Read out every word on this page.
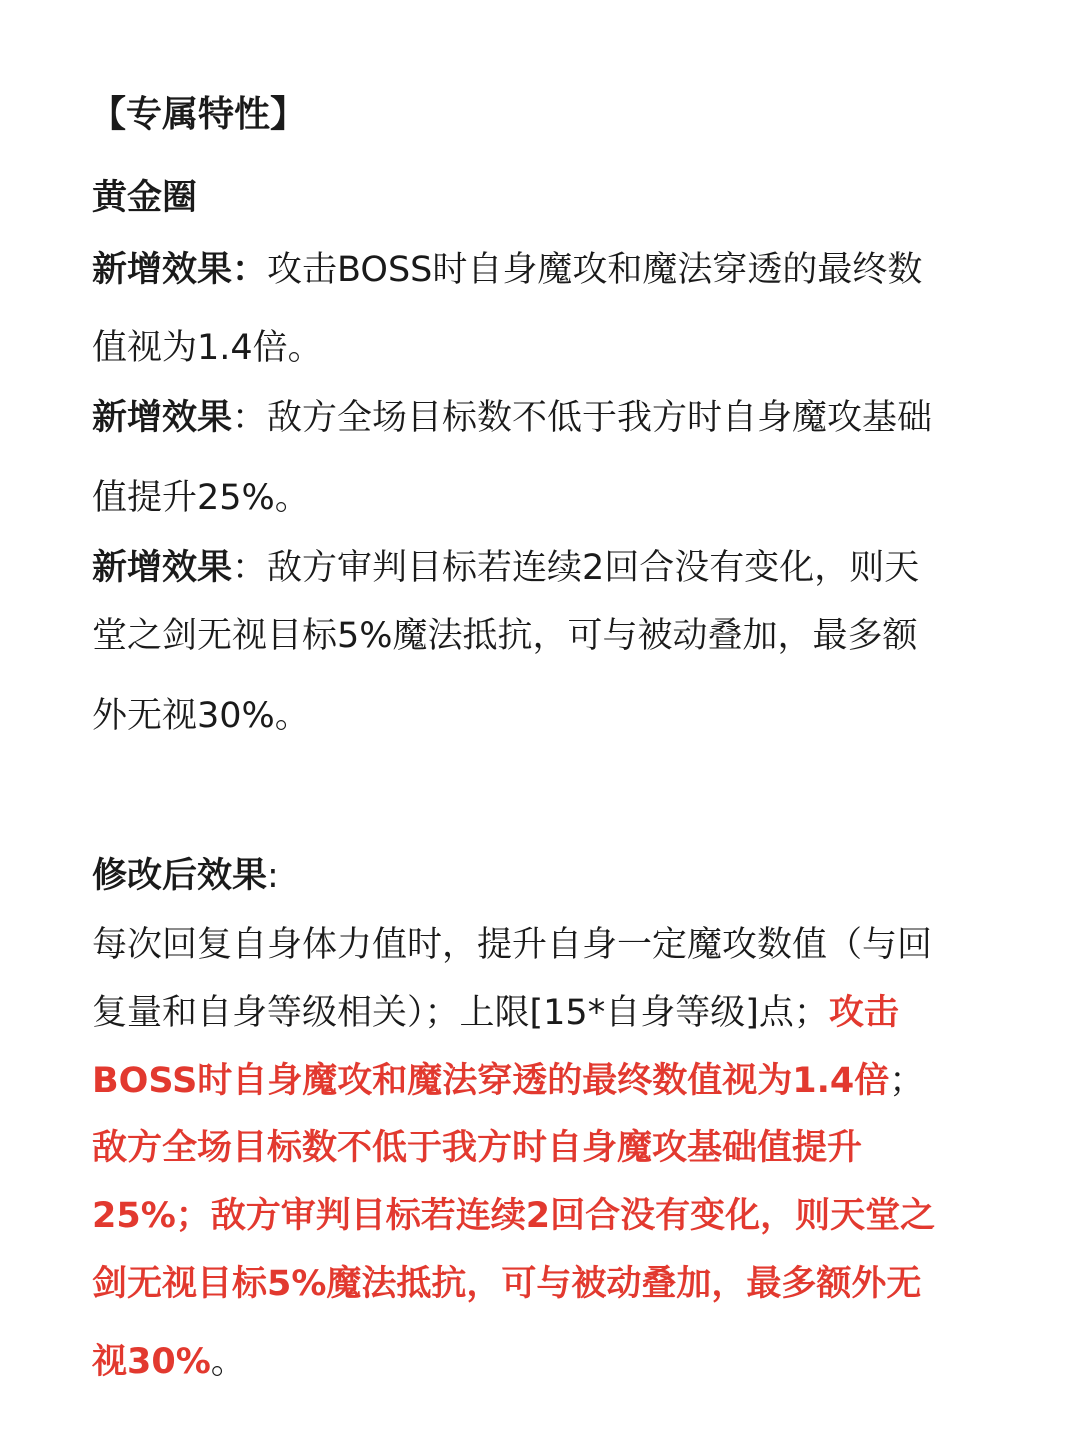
【专属特性】
黄金圈
新增效果：攻击BOSS时自身魔攻和魔法穿透的最终数
值视为1.4倍。
新增效果：敌方全场目标数不低于我方时自身魔攻基础
值提升25%。
新增效果：敌方审判目标若连续2回合没有变化，则天
堂之剑无视目标5%魔法抵抗，可与被动叠加，最多额
外无视30%。
修改后效果:
每次回复自身体力值时，提升自身一定魔攻数值（与回
复量和自身等级相关）；上限[15*自身等级]点；攻击
BOSS时自身魔攻和魔法穿透的最终数值视为1.4倍；
敌方全场目标数不低于我方时自身魔攻基础值提升
25%；敌方审判目标若连续2回合没有变化，则天堂之
剑无视目标5%魔法抵抗，可与被动叠加，最多额外无
视30%。
